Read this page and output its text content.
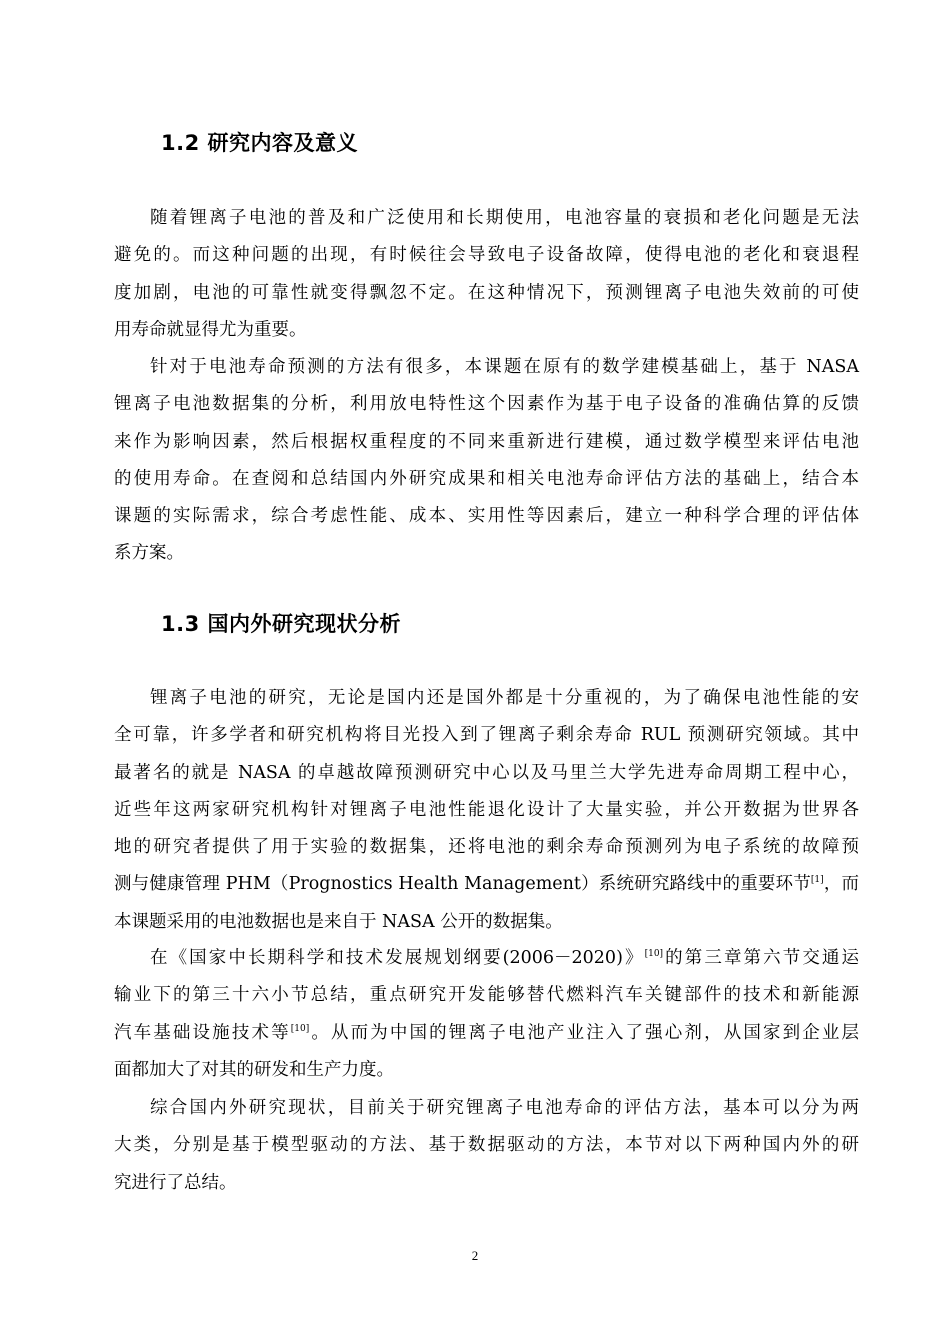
1.2 研究内容及意义
随着锂离子电池的普及和广泛使用和长期使用，电池容量的衰损和老化问题是无法
避免的。而这种问题的出现，有时候往会导致电子设备故障，使得电池的老化和衰退程
度加剧，电池的可靠性就变得飘忽不定。在这种情况下，预测锂离子电池失效前的可使
用寿命就显得尤为重要。
针对于电池寿命预测的方法有很多，本课题在原有的数学建模基础上，基于 NASA
锂离子电池数据集的分析，利用放电特性这个因素作为基于电子设备的准确估算的反馈
来作为影响因素，然后根据权重程度的不同来重新进行建模，通过数学模型来评估电池
的使用寿命。在查阅和总结国内外研究成果和相关电池寿命评估方法的基础上，结合本
课题的实际需求，综合考虑性能、成本、实用性等因素后，建立一种科学合理的评估体
系方案。
1.3 国内外研究现状分析
锂离子电池的研究，无论是国内还是国外都是十分重视的，为了确保电池性能的安
全可靠，许多学者和研究机构将目光投入到了锂离子剩余寿命 RUL 预测研究领域。其中
最著名的就是 NASA 的卓越故障预测研究中心以及马里兰大学先进寿命周期工程中心，
近些年这两家研究机构针对锂离子电池性能退化设计了大量实验，并公开数据为世界各
地的研究者提供了用于实验的数据集，还将电池的剩余寿命预测列为电子系统的故障预
测与健康管理 PHM（Prognostics Health Management）系统研究路线中的重要环节[1]，而
本课题采用的电池数据也是来自于 NASA 公开的数据集。
在《国家中长期科学和技术发展规划纲要(2006－2020)》[10]的第三章第六节交通运
输业下的第三十六小节总结，重点研究开发能够替代燃料汽车关键部件的技术和新能源
汽车基础设施技术等[10]。从而为中国的锂离子电池产业注入了强心剂，从国家到企业层
面都加大了对其的研发和生产力度。
综合国内外研究现状，目前关于研究锂离子电池寿命的评估方法，基本可以分为两
大类，分别是基于模型驱动的方法、基于数据驱动的方法，本节对以下两种国内外的研
究进行了总结。
2
